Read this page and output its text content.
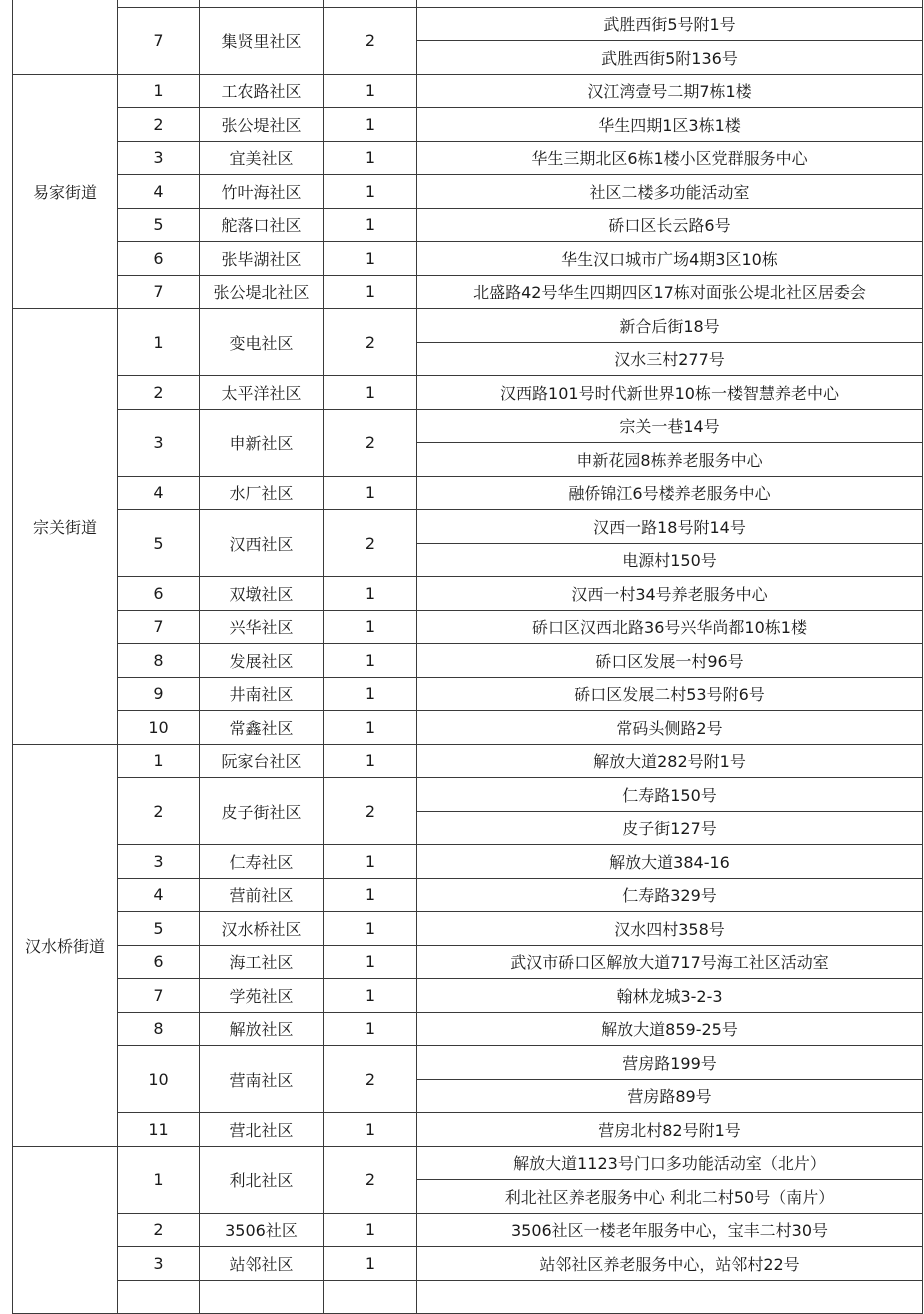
	7	集贤里社区	2	武胜西街5号附1号
				武胜西街5附136号
易家街道	1	工农路社区	1	汉江湾壹号二期7栋1楼
	2	张公堤社区	1	华生四期1区3栋1楼
	3	宜美社区	1	华生三期北区6栋1楼小区党群服务中心
	4	竹叶海社区	1	社区二楼多功能活动室
	5	舵落口社区	1	硚口区长云路6号
	6	张毕湖社区	1	华生汉口城市广场4期3区10栋
	7	张公堤北社区	1	北盛路42号华生四期四区17栋对面张公堤北社区居委会
宗关街道	1	变电社区	2	新合后街18号
				汉水三村277号
	2	太平洋社区	1	汉西路101号时代新世界10栋一楼智慧养老中心
	3	申新社区	2	宗关一巷14号
				申新花园8栋养老服务中心
	4	水厂社区	1	融侨锦江6号楼养老服务中心
	5	汉西社区	2	汉西一路18号附14号
				电源村150号
	6	双墩社区	1	汉西一村34号养老服务中心
	7	兴华社区	1	硚口区汉西北路36号兴华尚都10栋1楼
	8	发展社区	1	硚口区发展一村96号
	9	井南社区	1	硚口区发展二村53号附6号
	10	常鑫社区	1	常码头侧路2号
汉水桥街道	1	阮家台社区	1	解放大道282号附1号
	2	皮子街社区	2	仁寿路150号
				皮子街127号
	3	仁寿社区	1	解放大道384-16
	4	营前社区	1	仁寿路329号
	5	汉水桥社区	1	汉水四村358号
	6	海工社区	1	武汉市硚口区解放大道717号海工社区活动室
	7	学苑社区	1	翰林龙城3-2-3
	8	解放社区	1	解放大道859-25号
	10	营南社区	2	营房路199号
				营房路89号
	11	营北社区	1	营房北村82号附1号
	1	利北社区	2	解放大道1123号门口多功能活动室（北片）
				利北社区养老服务中心 利北二村50号（南片）
	2	3506社区	1	3506社区一楼老年服务中心，宝丰二村30号
	3	站邻社区	1	站邻社区养老服务中心，站邻村22号
